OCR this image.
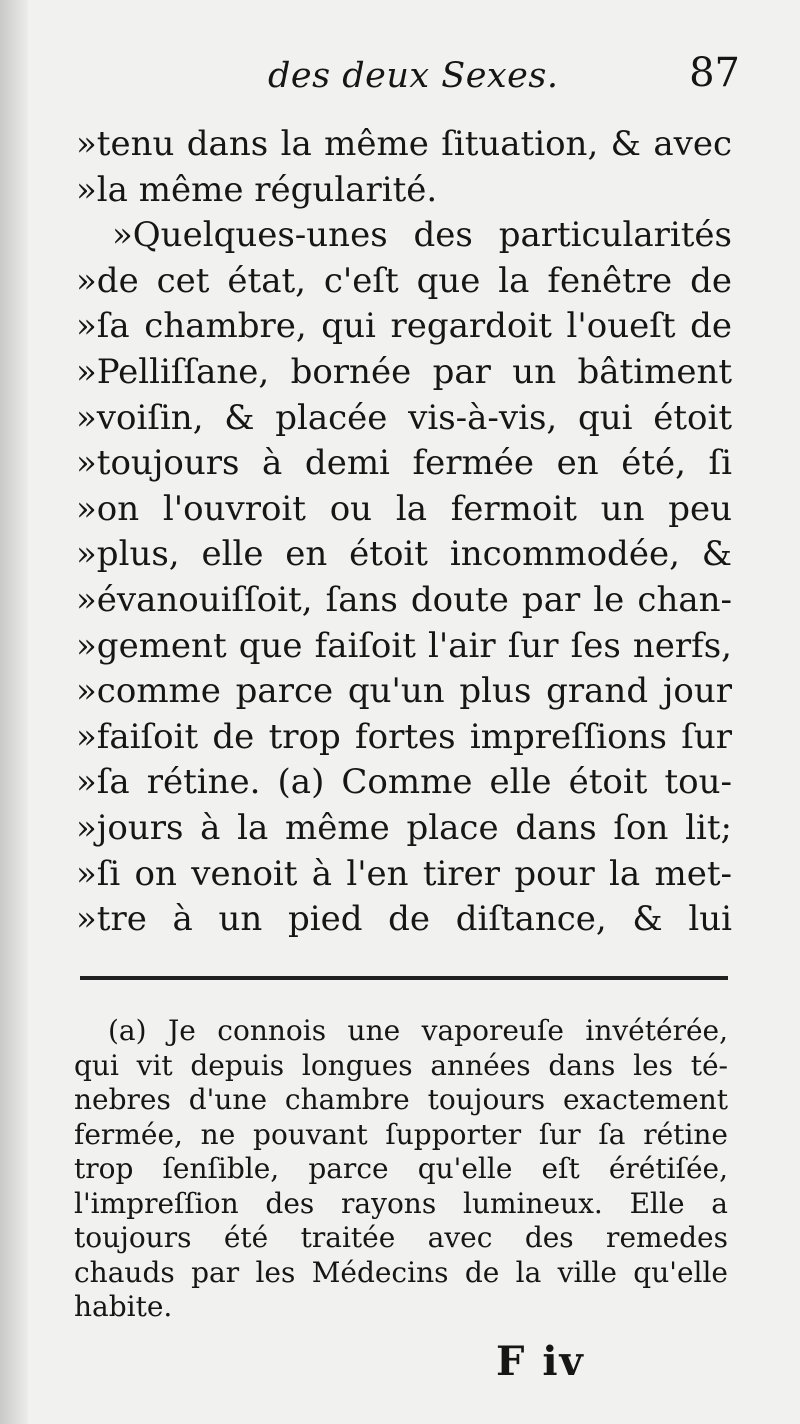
des deux Sexes.	87
»tenu dans la même ſituation, & avec
»la même régularité.
»Quelques-unes des particularités
»de cet état, c'eſt que la fenêtre de
»ſa chambre, qui regardoit l'oueſt de
»Pelliſſane, bornée par un bâtiment
»voiſin, & placée vis-à-vis, qui étoit
»toujours à demi fermée en été, ſi
»on l'ouvroit ou la fermoit un peu
»plus, elle en étoit incommodée, &
»évanouiſſoit, ſans doute par le chan-
»gement que faiſoit l'air ſur ſes nerfs,
»comme parce qu'un plus grand jour
»faiſoit de trop fortes impreſſions ſur
»ſa rétine. (a) Comme elle étoit tou-
»jours à la même place dans ſon lit;
»ſi on venoit à l'en tirer pour la met-
»tre à un pied de diſtance, & lui
(a) Je connois une vaporeuſe invétérée,
qui vit depuis longues années dans les té-
nebres d'une chambre toujours exactement
fermée, ne pouvant ſupporter ſur ſa rétine
trop ſenſible, parce qu'elle eſt érétiſée,
l'impreſſion des rayons lumineux. Elle a
toujours été traitée avec des remedes
chauds par les Médecins de la ville qu'elle
habite.
F iv
